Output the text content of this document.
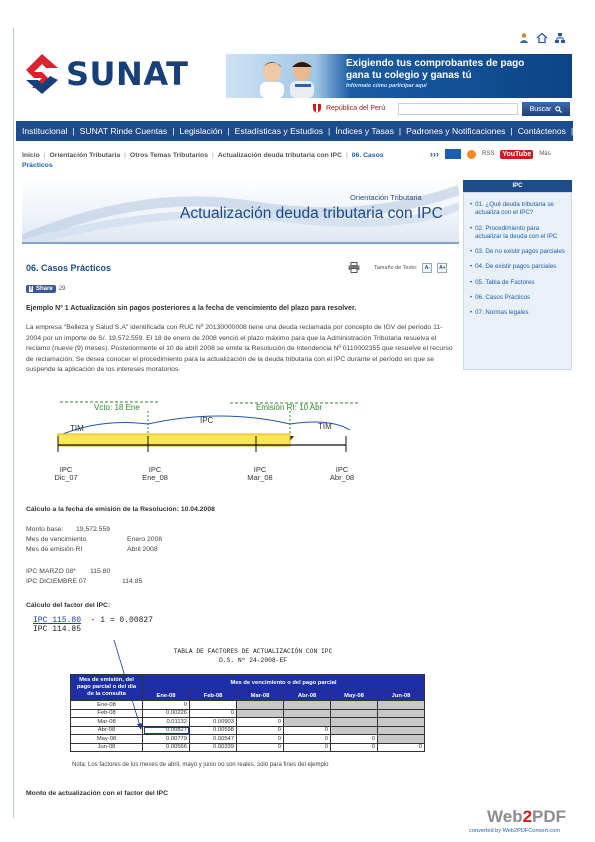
SUNAT	Exigiendo tus comprobantes de pago
gana tu colegio y ganas tú
Infórmate cómo participar aquí
República del Perú	Buscar
Institucional | SUNAT Rinde Cuentas | Legislación | Estadísticas y Estudios | Índices y Tasas | Padrones y Notificaciones | Contáctenos |
Inicio | Orientación Tributaria | Otros Temas Tributarios | Actualización deuda tributaria con IPC | 06. Casos Prácticos
›››	RSS YouTube	Más
Orientación Tributaria
Actualización deuda tributaria con IPC
06. Casos Prácticos	Tamaño de Texto:	A-	A+
f Share 29
Ejemplo Nº 1 Actualización sin pagos posteriores a la fecha de vencimiento del plazo para resolver.
La empresa "Belleza y Salud S.A" identificada con RUC Nº 20130000008 tiene una deuda reclamada por concepto de IGV del período 11-2004 por un importe de S/. 19,572.559. El 18 de enero de 2008 venció el plazo máximo para que la Administración Tributaria resuelva el reclamo (nueve (9) meses). Posteriormente el 10 de abril 2008 se emite la Resolución de Intendencia Nº 0110002355 que resuelve el recurso de reclamación. Se desea conocer el procedimiento para la actualización de la deuda tributaria con el IPC durante el período en que se suspende la aplicación de los intereses moratorios.
Vcto: 18 Ene	Emisión RI: 10 Abr
TIM
IPC
TIM
IPC
Dic_07
IPC
Ene_08
IPC
Mar_08
IPC
Abr_08
Cálculo a la fecha de emisión de la Resolución: 10.04.2008
Monto base: 19,572.559
Mes de vencimiento	Enero 2008
Mes de emisión RI	Abril 2008
IPC MARZO 08* 115.80
IPC DICIEMBRE 07	114.85
Cálculo del factor del IPC:
IPC 115.80 - 1 = 0.00827
IPC 114.85
TABLA DE FACTORES DE ACTUALIZACIÓN CON IPC
D.S. Nº 24-2008-EF
Mes de emisión, del pago parcial o del día de la consulta	Mes de vencimiento o del pago parcial					
	Ene-08	Feb-08	Mar-08	Abr-08	May-08	Jun-08
Ene-08	0					
Feb-08	0.00226	0				
Mar-08	0.01132	0.00903	0			
Abr-08	0.00827	0.00598	0	0		
May-08	0.00779	0.00547	0	0	0	
Jun-08	0.00566	0.00339	0	0	0	0
Nota: Los factores de los meses de abril, mayo y junio no son reales, sólo para fines del ejemplo
Monto de actualización con el factor del IPC
IPC
• 01. ¿Qué deuda tributaria se actualiza con el IPC?
• 02. Procedimiento para actualizar la deuda con el IPC
• 03. De no existir pagos parciales
• 04. De existir pagos parciales
• 05. Tabla de Factores
• 06. Casos Prácticos
• 07. Normas legales
Web2PDF
converted by Web2PDFConvert.com
